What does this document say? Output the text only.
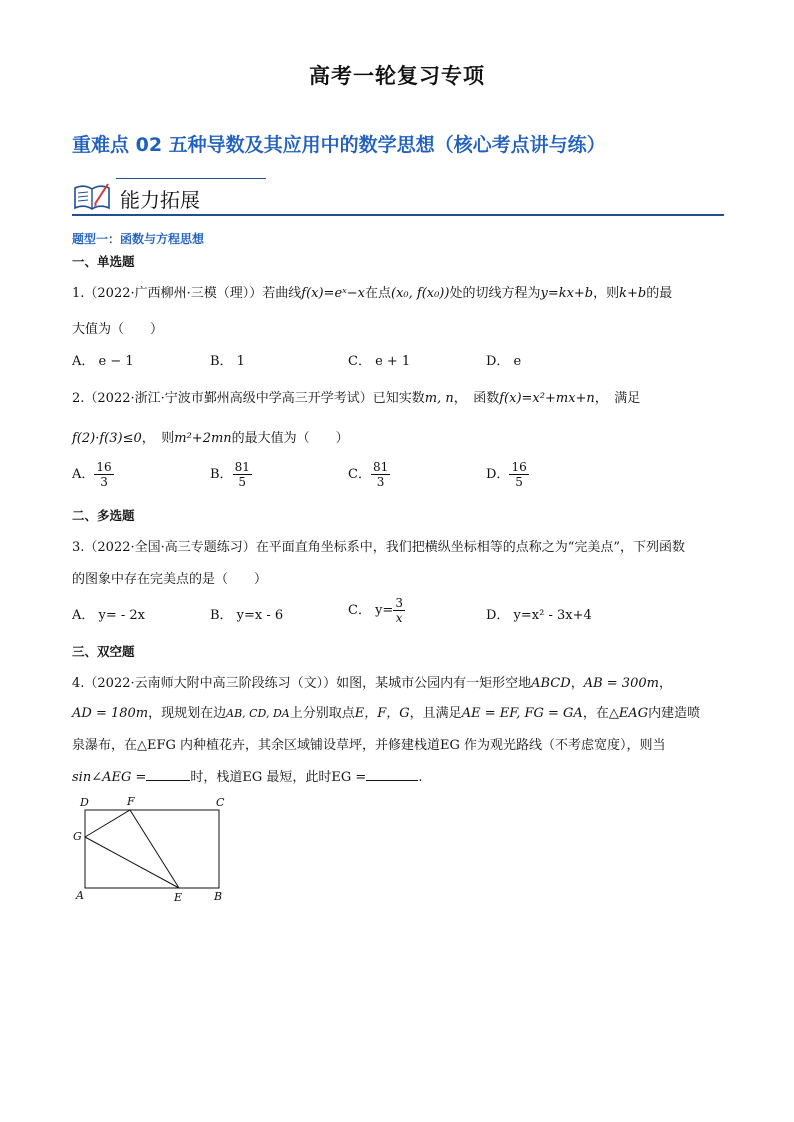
高考一轮复习专项
重难点 02 五种导数及其应用中的数学思想（核心考点讲与练）
能力拓展
题型一：函数与方程思想
一、单选题
1.（2022·广西柳州·三模（理））若曲线f(x)=eˣ−x在点(x₀, f(x₀))处的切线方程为y=kx+b，则k+b的最
大值为（　　）
A． e − 1	B． 1	C． e + 1	D． e
2.（2022·浙江·宁波市鄞州高级中学高三开学考试）已知实数m, n，　函数f(x)=x²+mx+n，　满足
f(2)·f(3)≤0，　则m²+2mn的最大值为（　　）
A． $\frac{16}{3}$	B． $\frac{81}{5}$	C． $\frac{81}{3}$	D． $\frac{16}{5}$
二、多选题
3.（2022·全国·高三专题练习）在平面直角坐标系中，我们把横纵坐标相等的点称之为“完美点”，下列函数
的图象中存在完美点的是（　　）
A． y= - 2x	B． y=x - 6	C． $y= \frac{3}{x}$	D． y=x² - 3x+4
三、双空题
4.（2022·云南师大附中高三阶段练习（文））如图，某城市公园内有一矩形空地ABCD，AB = 300m，
AD = 180m，现规划在边AB, CD, DA上分别取点E，F，G，且满足AE = EF, FG = GA，在△EAG内建造喷
泉瀑布，在△EFG 内种植花卉，其余区域铺设草坪，并修建栈道EG 作为观光路线（不考虑宽度），则当
sin∠AEG =	时，栈道EG 最短，此时EG =	.
D	F	C
G
A	E	B
